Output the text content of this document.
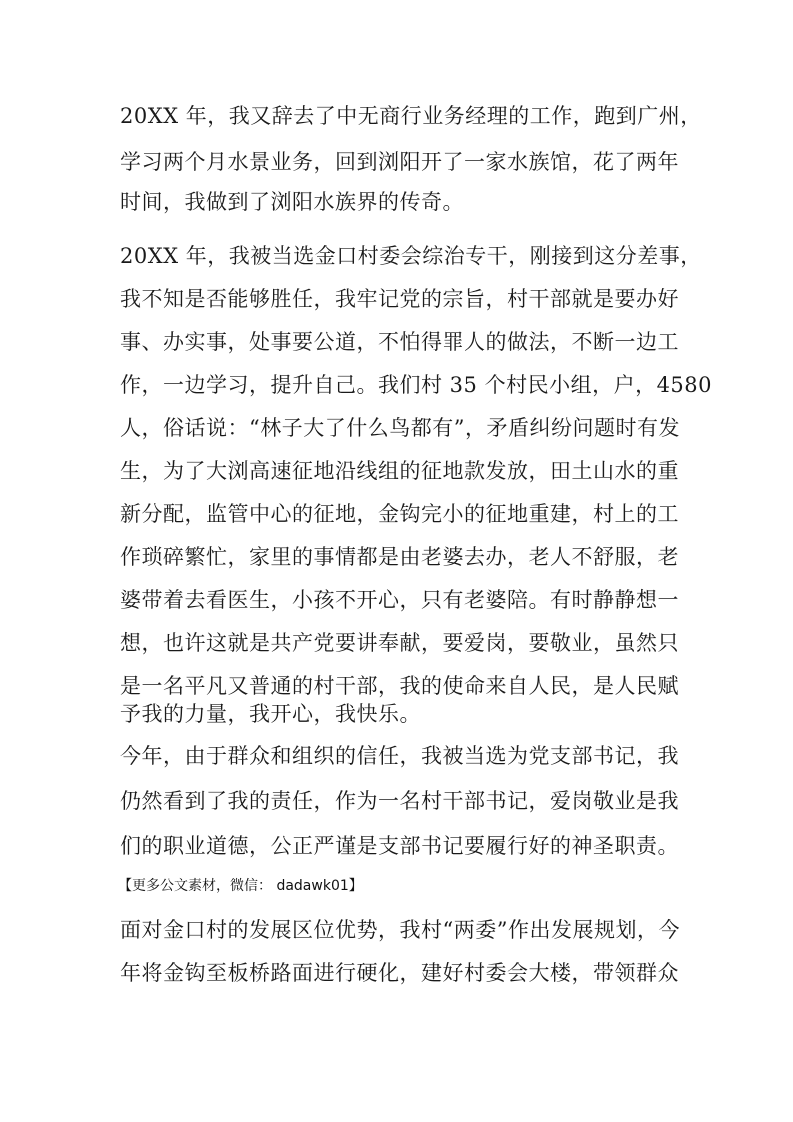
20XX 年，我又辞去了中无商行业务经理的工作，跑到广州，
学习两个月水景业务，回到浏阳开了一家水族馆，花了两年
时间，我做到了浏阳水族界的传奇。
20XX 年，我被当选金口村委会综治专干，刚接到这分差事，
我不知是否能够胜任，我牢记党的宗旨，村干部就是要办好
事、办实事，处事要公道，不怕得罪人的做法，不断一边工
作，一边学习，提升自己。我们村 35 个村民小组，户，4580
人，俗话说：“林子大了什么鸟都有”，矛盾纠纷问题时有发
生，为了大浏高速征地沿线组的征地款发放，田土山水的重
新分配，监管中心的征地，金钩完小的征地重建，村上的工
作琐碎繁忙，家里的事情都是由老婆去办，老人不舒服，老
婆带着去看医生，小孩不开心，只有老婆陪。有时静静想一
想，也许这就是共产党要讲奉献，要爱岗，要敬业，虽然只
是一名平凡又普通的村干部，我的使命来自人民，是人民赋
予我的力量，我开心，我快乐。
今年，由于群众和组织的信任，我被当选为党支部书记，我
仍然看到了我的责任，作为一名村干部书记，爱岗敬业是我
们的职业道德，公正严谨是支部书记要履行好的神圣职责。
【更多公文素材，微信： dadawk01】
面对金口村的发展区位优势，我村“两委”作出发展规划，今
年将金钩至板桥路面进行硬化，建好村委会大楼，带领群众
